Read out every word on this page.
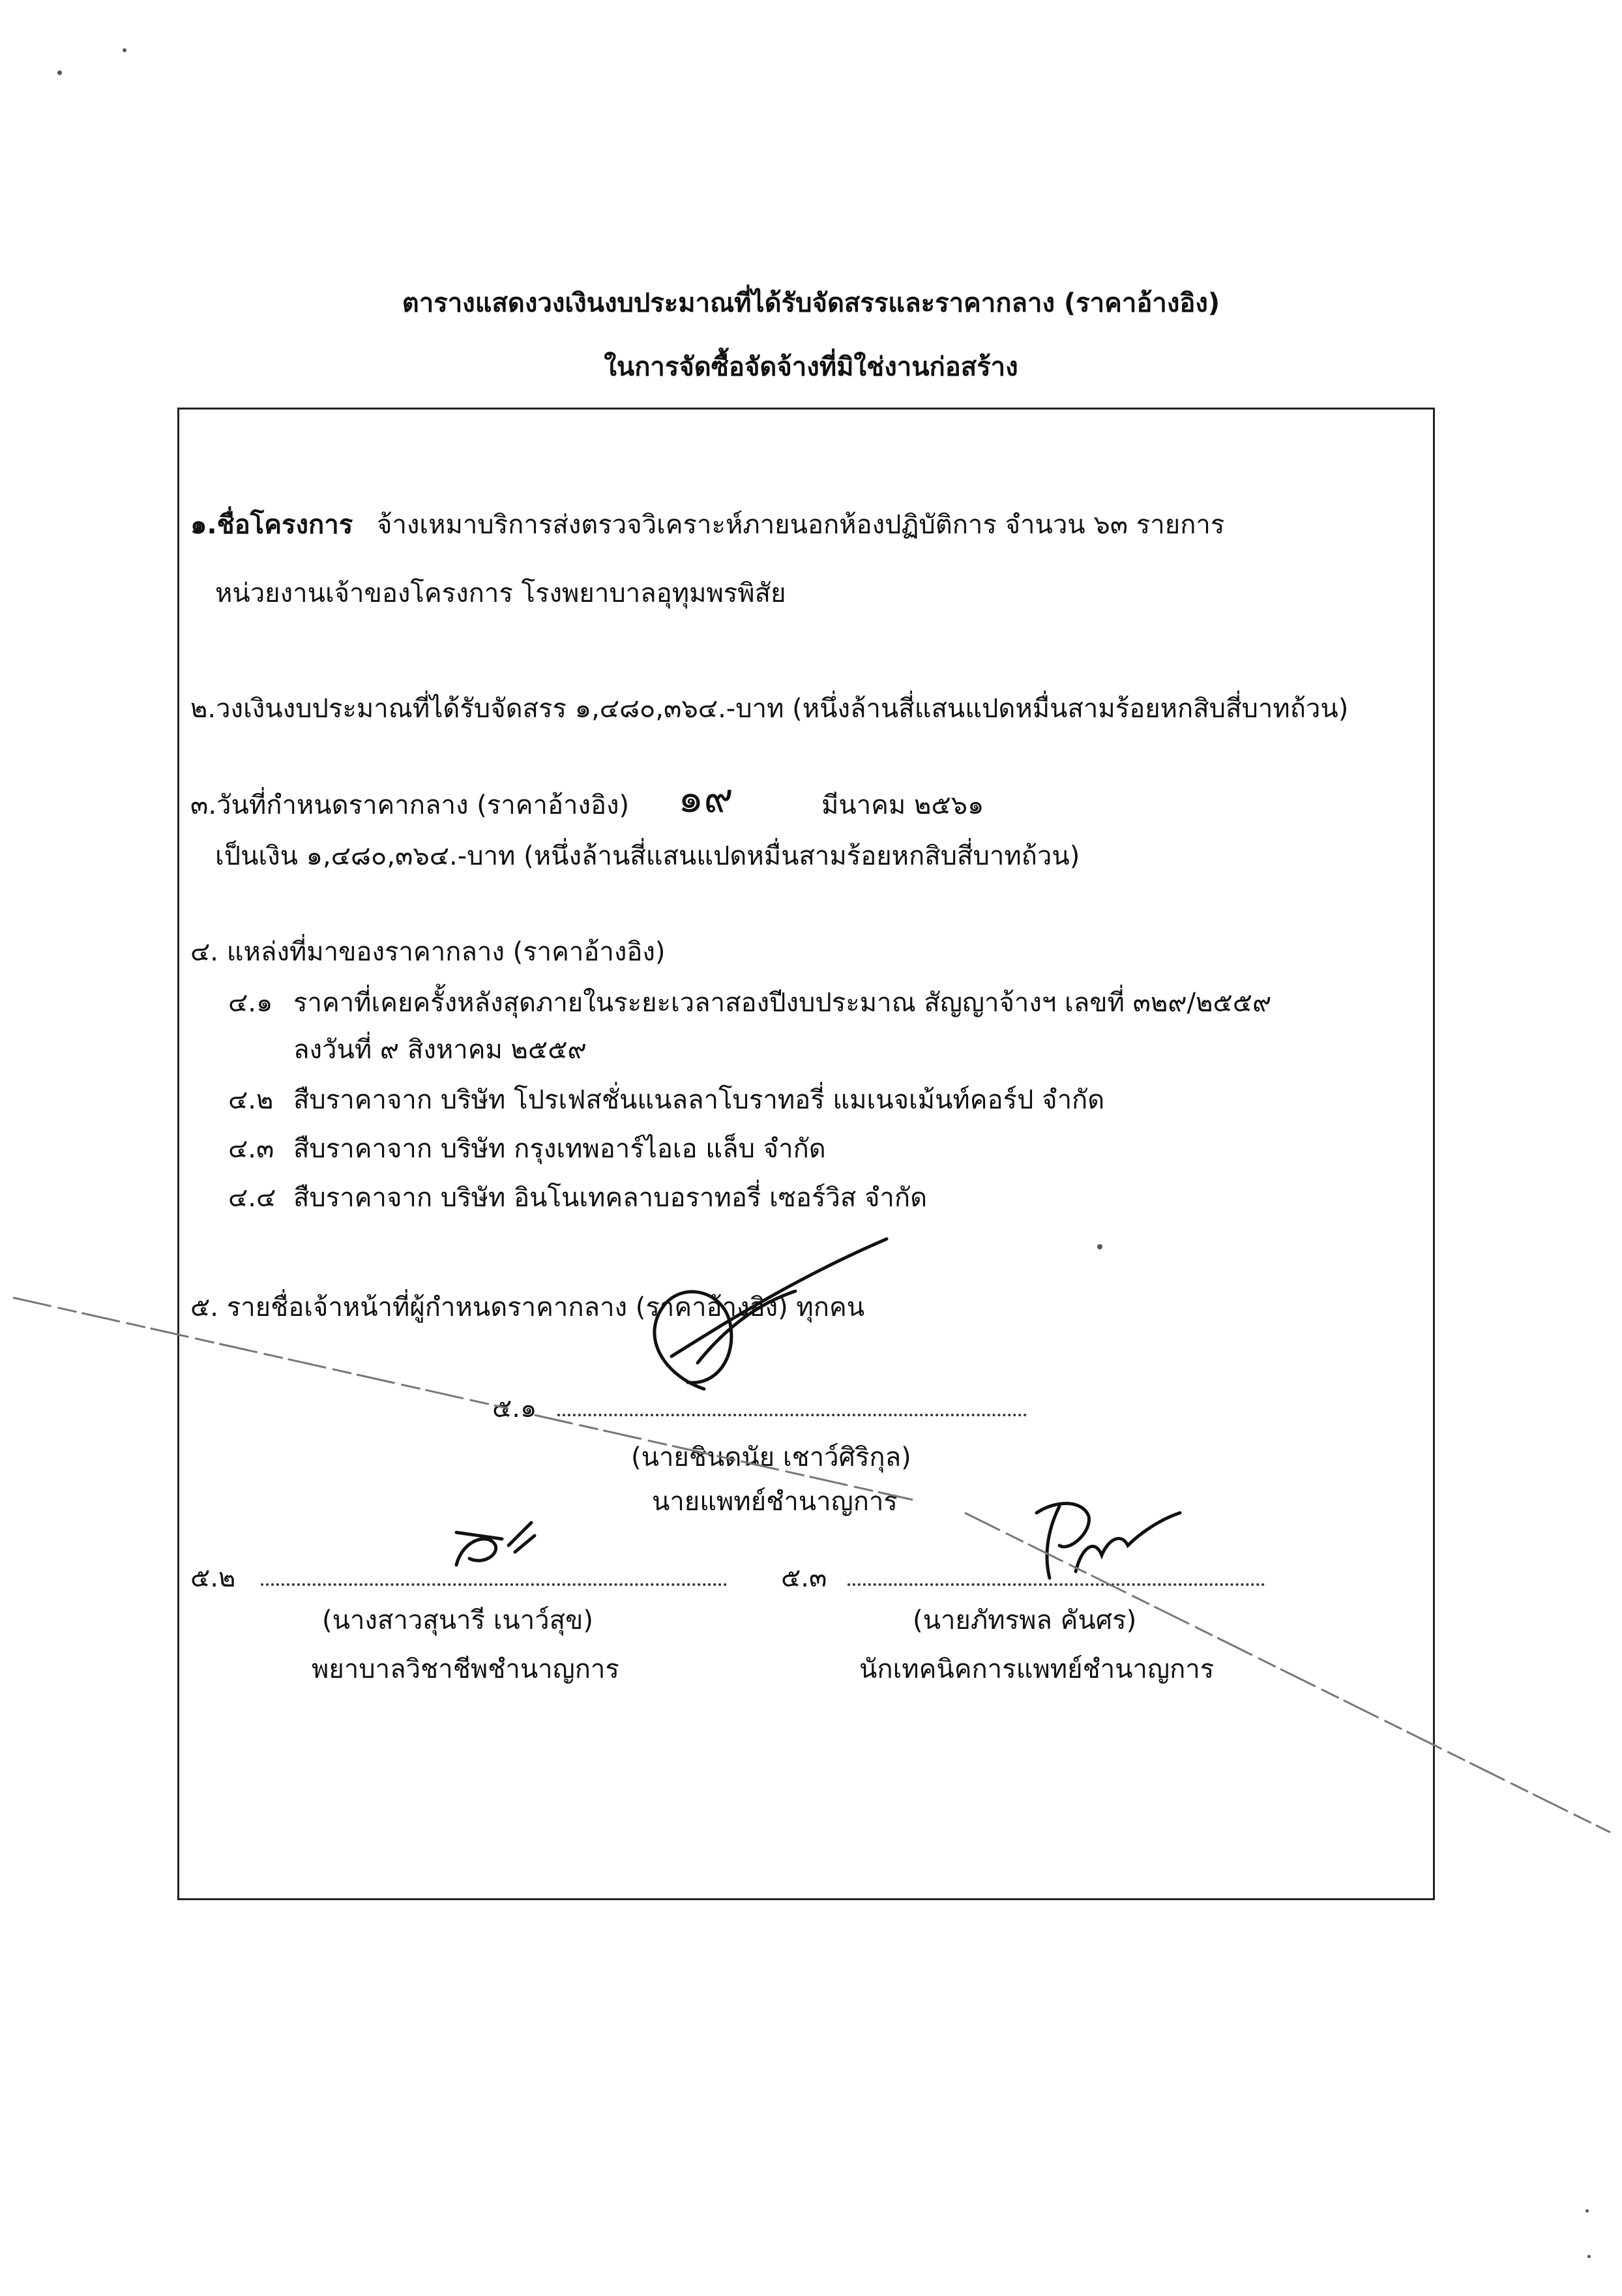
ตารางแสดงวงเงินงบประมาณที่ได้รับจัดสรรและราคากลาง (ราคาอ้างอิง)
ในการจัดซื้อจัดจ้างที่มิใช่งานก่อสร้าง
๑.ชื่อโครงการ จ้างเหมาบริการส่งตรวจวิเคราะห์ภายนอกห้องปฏิบัติการ จำนวน ๖๓ รายการ
หน่วยงานเจ้าของโครงการ โรงพยาบาลอุทุมพรพิสัย
๒.วงเงินงบประมาณที่ได้รับจัดสรร ๑,๔๘๐,๓๖๔.-บาท (หนึ่งล้านสี่แสนแปดหมื่นสามร้อยหกสิบสี่บาทถ้วน)
๓.วันที่กำหนดราคากลาง (ราคาอ้างอิง) ๑๙	มีนาคม ๒๕๖๑
เป็นเงิน ๑,๔๘๐,๓๖๔.-บาท (หนึ่งล้านสี่แสนแปดหมื่นสามร้อยหกสิบสี่บาทถ้วน)
๔. แหล่งที่มาของราคากลาง (ราคาอ้างอิง)
๔.๑ ราคาที่เคยครั้งหลังสุดภายในระยะเวลาสองปีงบประมาณ สัญญาจ้างฯ เลขที่ ๓๒๙/๒๕๕๙
ลงวันที่ ๙ สิงหาคม ๒๕๕๙
๔.๒ สืบราคาจาก บริษัท โปรเฟสชั่นแนลลาโบราทอรี่ แมเนจเม้นท์คอร์ป จำกัด
๔.๓ สืบราคาจาก บริษัท กรุงเทพอาร์ไอเอ แล็บ จำกัด
๔.๔ สืบราคาจาก บริษัท อินโนเทคลาบอราทอรี่ เซอร์วิส จำกัด
๕. รายชื่อเจ้าหน้าที่ผู้กำหนดราคากลาง (ราคาอ้างอิง) ทุกคน
๕.๑
(นายชินดนัย เชาว์ศิริกุล)
นายแพทย์ชำนาญการ
๕.๒
(นางสาวสุนารี เนาว์สุข)
พยาบาลวิชาชีพชำนาญการ
๕.๓
(นายภัทรพล คันศร)
นักเทคนิคการแพทย์ชำนาญการ
